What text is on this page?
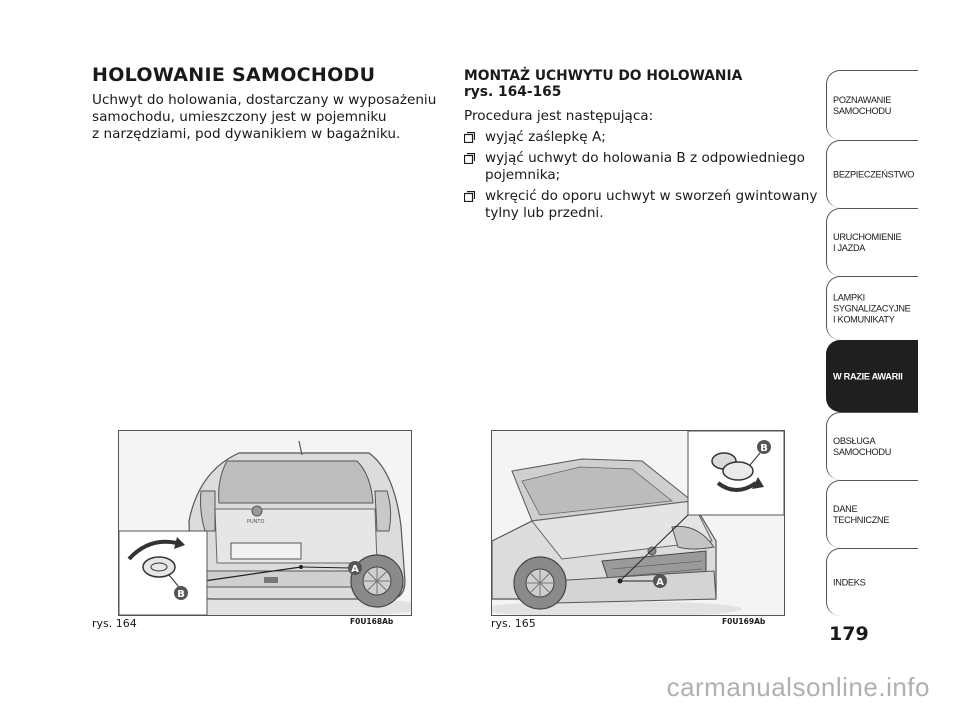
HOLOWANIE SAMOCHODU
Uchwyt do holowania, dostarczany w wyposażeniu
samochodu, umieszczony jest w pojemniku
z narzędziami, pod dywanikiem w bagażniku.
MONTAŻ UCHWYTU DO HOLOWANIA
rys. 164-165
Procedura jest następująca:
wyjąć zaślepkę A;
wyjąć uchwyt do holowania B z odpowiedniego
pojemnika;
wkręcić do oporu uchwyt w sworzeń gwintowany
tylny lub przedni.
PUNTO
A
B
rys. 164	F0U168Ab
A
B
rys. 165	F0U169Ab
POZNAWANIE
SAMOCHODU
BEZPIECZEŃSTWO
URUCHOMIENIE
I JAZDA
LAMPKI
SYGNALIZACYJNE
I KOMUNIKATY
W RAZIE AWARII
OBSŁUGA
SAMOCHODU
DANE
TECHNICZNE
INDEKS
179
carmanualsonline.info
